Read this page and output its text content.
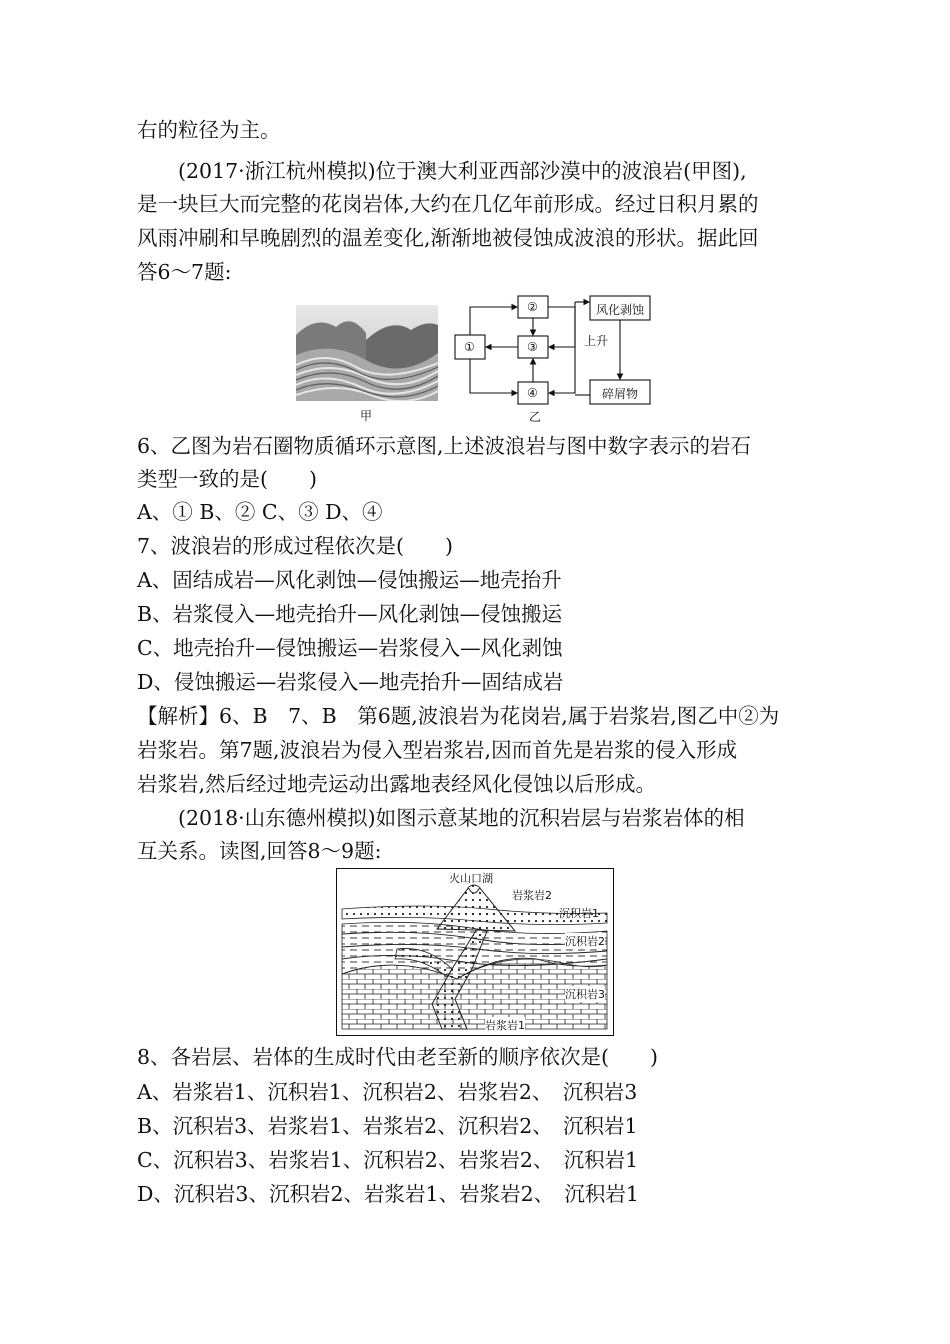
右的粒径为主。
(2017·浙江杭州模拟)位于澳大利亚西部沙漠中的波浪岩(甲图),
是一块巨大而完整的花岗岩体,大约在几亿年前形成。经过日积月累的
风雨冲刷和早晚剧烈的温差变化,渐渐地被侵蚀成波浪的形状。据此回
答6～7题:
甲
①
②
③
④
风化剥蚀
上升
碎屑物
乙
6、乙图为岩石圈物质循环示意图,上述波浪岩与图中数字表示的岩石
类型一致的是(　　)
A、① B、② C、③ D、④
7、波浪岩的形成过程依次是(　　)
A、固结成岩—风化剥蚀—侵蚀搬运—地壳抬升
B、岩浆侵入—地壳抬升—风化剥蚀—侵蚀搬运
C、地壳抬升—侵蚀搬运—岩浆侵入—风化剥蚀
D、侵蚀搬运—岩浆侵入—地壳抬升—固结成岩
【解析】6、B　7、B　第6题,波浪岩为花岗岩,属于岩浆岩,图乙中②为
岩浆岩。第7题,波浪岩为侵入型岩浆岩,因而首先是岩浆的侵入形成
岩浆岩,然后经过地壳运动出露地表经风化侵蚀以后形成。
(2018·山东德州模拟)如图示意某地的沉积岩层与岩浆岩体的相
互关系。读图,回答8～9题:
火山口湖
岩浆岩2
沉积岩1
沉积岩2
沉积岩3
岩浆岩1
8、各岩层、岩体的生成时代由老至新的顺序依次是(　　)
A、岩浆岩1、沉积岩1、沉积岩2、岩浆岩2、　沉积岩3
B、沉积岩3、岩浆岩1、岩浆岩2、沉积岩2、　沉积岩1
C、沉积岩3、岩浆岩1、沉积岩2、岩浆岩2、　沉积岩1
D、沉积岩3、沉积岩2、岩浆岩1、岩浆岩2、　沉积岩1
